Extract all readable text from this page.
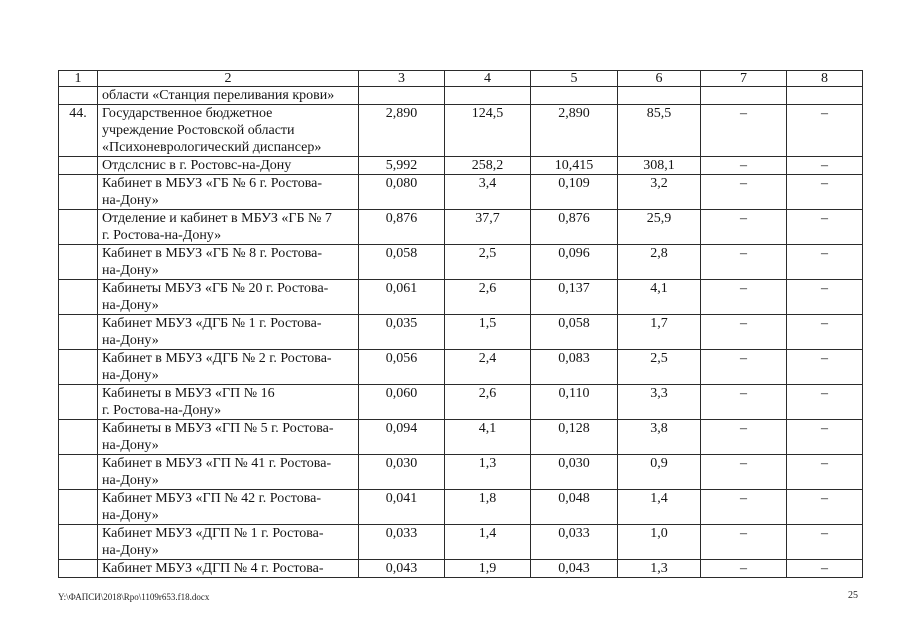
1	2	3	4	5	6	7	8

	области «Станция переливания крови»						

44.	Государственное бюджетное
учреждение Ростовской области
«Психоневрологический диспансер»	2,890	124,5	2,890	85,5	–	–

	Отдслснис в г. Ростовс-на-Дону	5,992	258,2	10,415	308,1	–	–

	Кабинет в МБУЗ «ГБ № 6 г. Ростова-
на-Дону»	0,080	3,4	0,109	3,2	–	–

	Отделение и кабинет в МБУЗ «ГБ № 7
г. Ростова-на-Дону»	0,876	37,7	0,876	25,9	–	–

	Кабинет в МБУЗ «ГБ № 8 г. Ростова-
на-Дону»	0,058	2,5	0,096	2,8	–	–

	Кабинеты МБУЗ «ГБ № 20 г. Ростова-
на-Дону»	0,061	2,6	0,137	4,1	–	–

	Кабинет МБУЗ «ДГБ № 1 г. Ростова-
на-Дону»	0,035	1,5	0,058	1,7	–	–

	Кабинет в МБУЗ «ДГБ № 2 г. Ростова-
на-Дону»	0,056	2,4	0,083	2,5	–	–

	Кабинеты в МБУЗ «ГП № 16
г. Ростова-на-Дону»	0,060	2,6	0,110	3,3	–	–

	Кабинеты в МБУЗ «ГП № 5 г. Ростова-
на-Дону»	0,094	4,1	0,128	3,8	–	–

	Кабинет в МБУЗ «ГП № 41 г. Ростова-
на-Дону»	0,030	1,3	0,030	0,9	–	–

	Кабинет МБУЗ «ГП № 42 г. Ростова-
на-Дону»	0,041	1,8	0,048	1,4	–	–

	Кабинет МБУЗ «ДГП № 1 г. Ростова-
на-Дону»	0,033	1,4	0,033	1,0	–	–

	Кабинет МБУЗ «ДГП № 4 г. Ростова-	0,043	1,9	0,043	1,3	–	–
Y:\ФАПСИ\2018\Rpo\1109r653.f18.docx	25
